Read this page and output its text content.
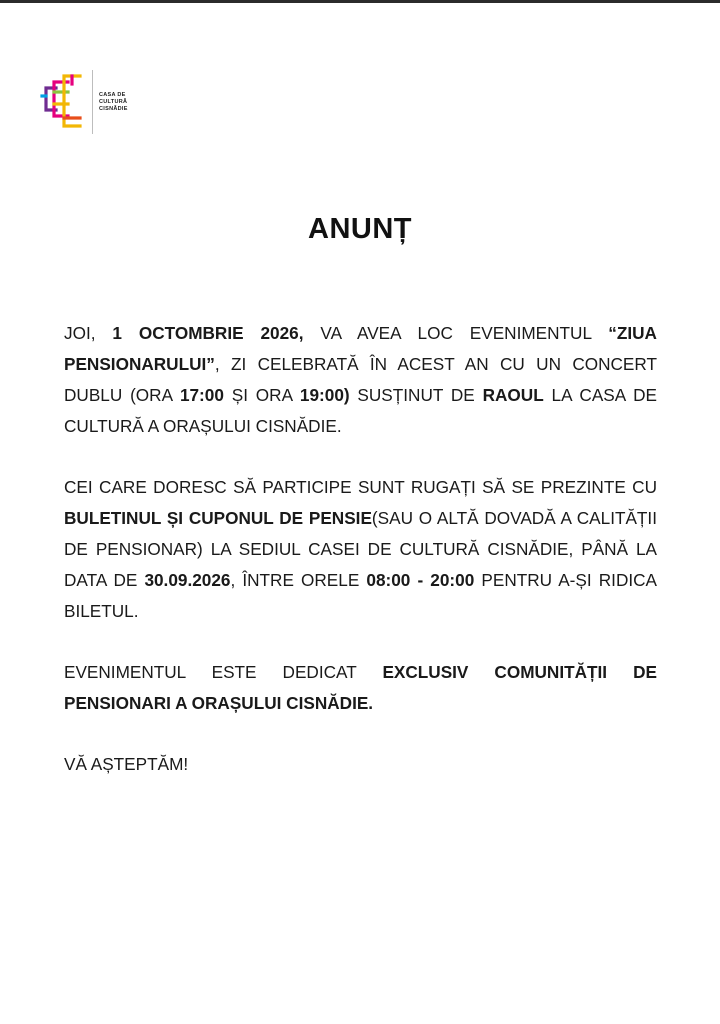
CASA DE
CULTURĂ
CISNĂDIE
ANUNȚ

JOI, 1 OCTOMBRIE 2026, VA AVEA LOC EVENIMENTUL “ZIUA PENSIONARULUI”, ZI CELEBRATĂ ÎN ACEST AN CU UN CONCERT DUBLU (ORA 17:00 ȘI ORA 19:00) SUSȚINUT DE RAOUL LA CASA DE CULTURĂ A ORAȘULUI CISNĂDIE.

CEI CARE DORESC SĂ PARTICIPE SUNT RUGAȚI SĂ SE PREZINTE CU BULETINUL ȘI CUPONUL DE PENSIE(SAU O ALTĂ DOVADĂ A CALITĂȚII DE PENSIONAR) LA SEDIUL CASEI DE CULTURĂ CISNĂDIE, PÂNĂ LA DATA DE 30.09.2026, ÎNTRE ORELE 08:00 - 20:00 PENTRU A-ȘI RIDICA BILETUL.

EVENIMENTUL ESTE DEDICAT EXCLUSIV COMUNITĂȚII DE PENSIONARI A ORAȘULUI CISNĂDIE.

VĂ AȘTEPTĂM!
